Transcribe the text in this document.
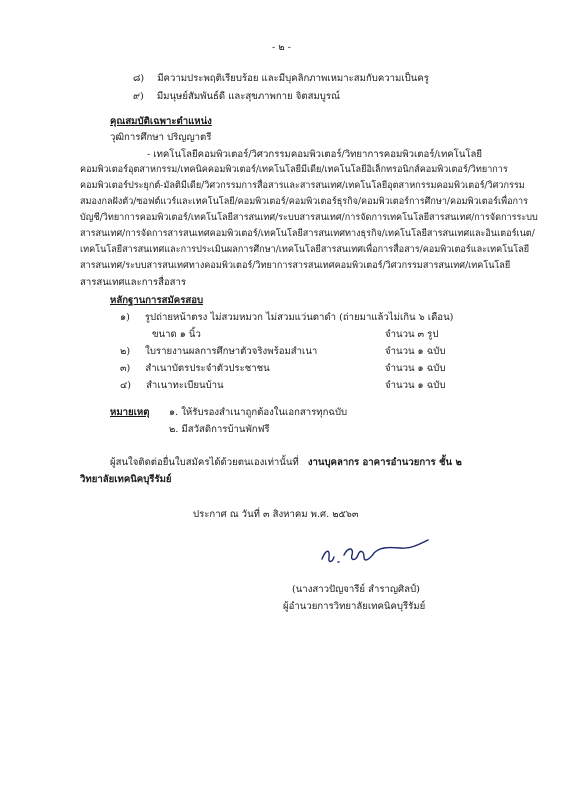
- ๒ -
๘) มีความประพฤติเรียบร้อย และมีบุคลิกภาพเหมาะสมกับความเป็นครู
๙) มีมนุษย์สัมพันธ์ดี และสุขภาพกาย จิตสมบูรณ์
คุณสมบัติเฉพาะตำแหน่ง
วุฒิการศึกษา ปริญญาตรี
- เทคโนโลยีคอมพิวเตอร์/วิศวกรรมคอมพิวเตอร์/วิทยาการคอมพิวเตอร์/เทคโนโลยี
คอมพิวเตอร์อุตสาหกรรม/เทคนิคคอมพิวเตอร์/เทคโนโลยีมีเดีย/เทคโนโลยีอิเล็กทรอนิกส์คอมพิวเตอร์/วิทยาการ
คอมพิวเตอร์ประยุกต์-มัลติมีเดีย/วิศวกรรมการสื่อสารและสารสนเทศ/เทคโนโลยีอุตสาหกรรมคอมพิวเตอร์/วิศวกรรม
สมองกลฝังตัว/ซอฟต์แวร์และเทคโนโลยี/คอมพิวเตอร์/คอมพิวเตอร์ธุรกิจ/คอมพิวเตอร์การศึกษา/คอมพิวเตอร์เพื่อการ
บัญชี/วิทยาการคอมพิวเตอร์/เทคโนโลยีสารสนเทศ/ระบบสารสนเทศ/การจัดการเทคโนโลยีสารสนเทศ/การจัดการระบบ
สารสนเทศ/การจัดการสารสนเทศคอมพิวเตอร์/เทคโนโลยีสารสนเทศทางธุรกิจ/เทคโนโลยีสารสนเทศและอินเตอร์เนต/
เทคโนโลยีสารสนเทศและการประเมินผลการศึกษา/เทคโนโลยีสารสนเทศเพื่อการสื่อสาร/คอมพิวเตอร์และเทคโนโลยี
สารสนเทศ/ระบบสารสนเทศทางคอมพิวเตอร์/วิทยาการสารสนเทศคอมพิวเตอร์/วิศวกรรมสารสนเทศ/เทคโนโลยี
สารสนเทศและการสื่อสาร
หลักฐานการสมัครสอบ
๑) รูปถ่ายหน้าตรง ไม่สวมหมวก ไม่สวมแว่นตาดำ (ถ่ายมาแล้วไม่เกิน ๖ เดือน)
ขนาด ๑ นิ้ว	จำนวน ๓ รูป
๒) ใบรายงานผลการศึกษาตัวจริงพร้อมสำเนา	จำนวน ๑ ฉบับ
๓) สำเนาบัตรประจำตัวประชาชน	จำนวน ๑ ฉบับ
๔) สำเนาทะเบียนบ้าน	จำนวน ๑ ฉบับ
หมายเหตุ ๑. ให้รับรองสำเนาถูกต้องในเอกสารทุกฉบับ
๒. มีสวัสดิการบ้านพักฟรี
ผู้สนใจติดต่อยื่นใบสมัครได้ด้วยตนเองเท่านั้นที่ งานบุคลากร อาคารอำนวยการ ชั้น ๒
วิทยาลัยเทคนิคบุรีรัมย์
ประกาศ ณ วันที่ ๓ สิงหาคม พ.ศ. ๒๕๖๓
(นางสาวปัญจารีย์ สำราญศิลป์)
ผู้อำนวยการวิทยาลัยเทคนิคบุรีรัมย์
